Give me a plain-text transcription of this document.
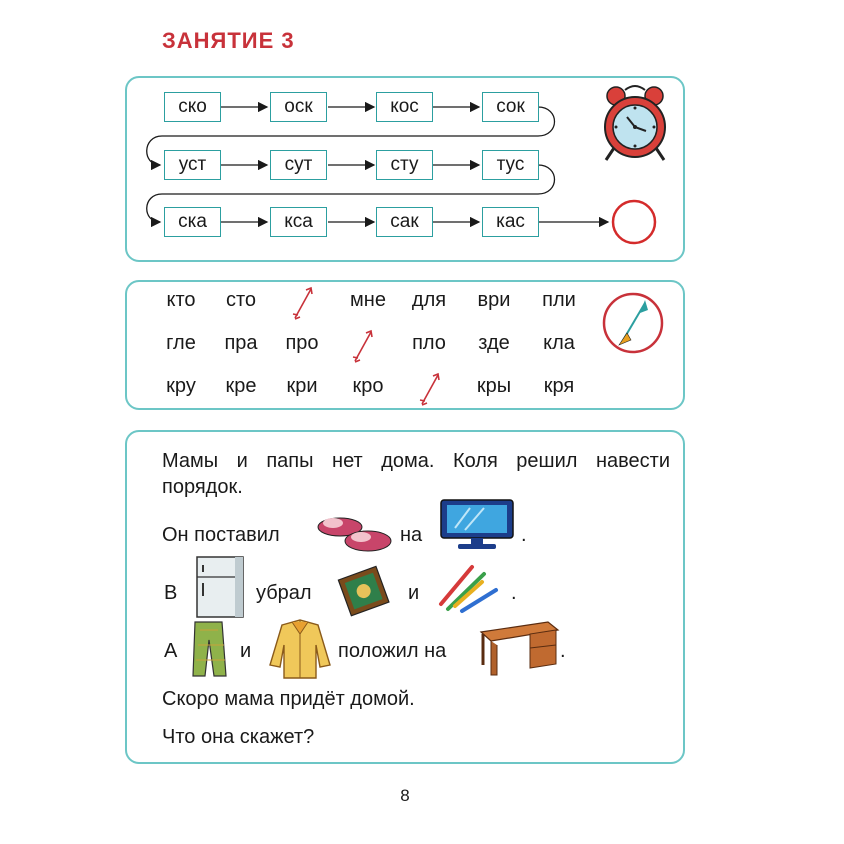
ЗАНЯТИЕ 3
ско	оск	кос	сок
уст	сут	сту	тус
ска	кса	сак	кас
кто	сто	мне	для	ври	пли
гле	пра	про	пло	зде	кла
кру	кре	кри	кро	кры	кря
Мамы и папы нет дома. Коля решил навести порядок.
Он поставил	на	.
В	убрал	и	.
А	и	положил на	.
Скоро мама придёт домой.
Что она скажет?
8
